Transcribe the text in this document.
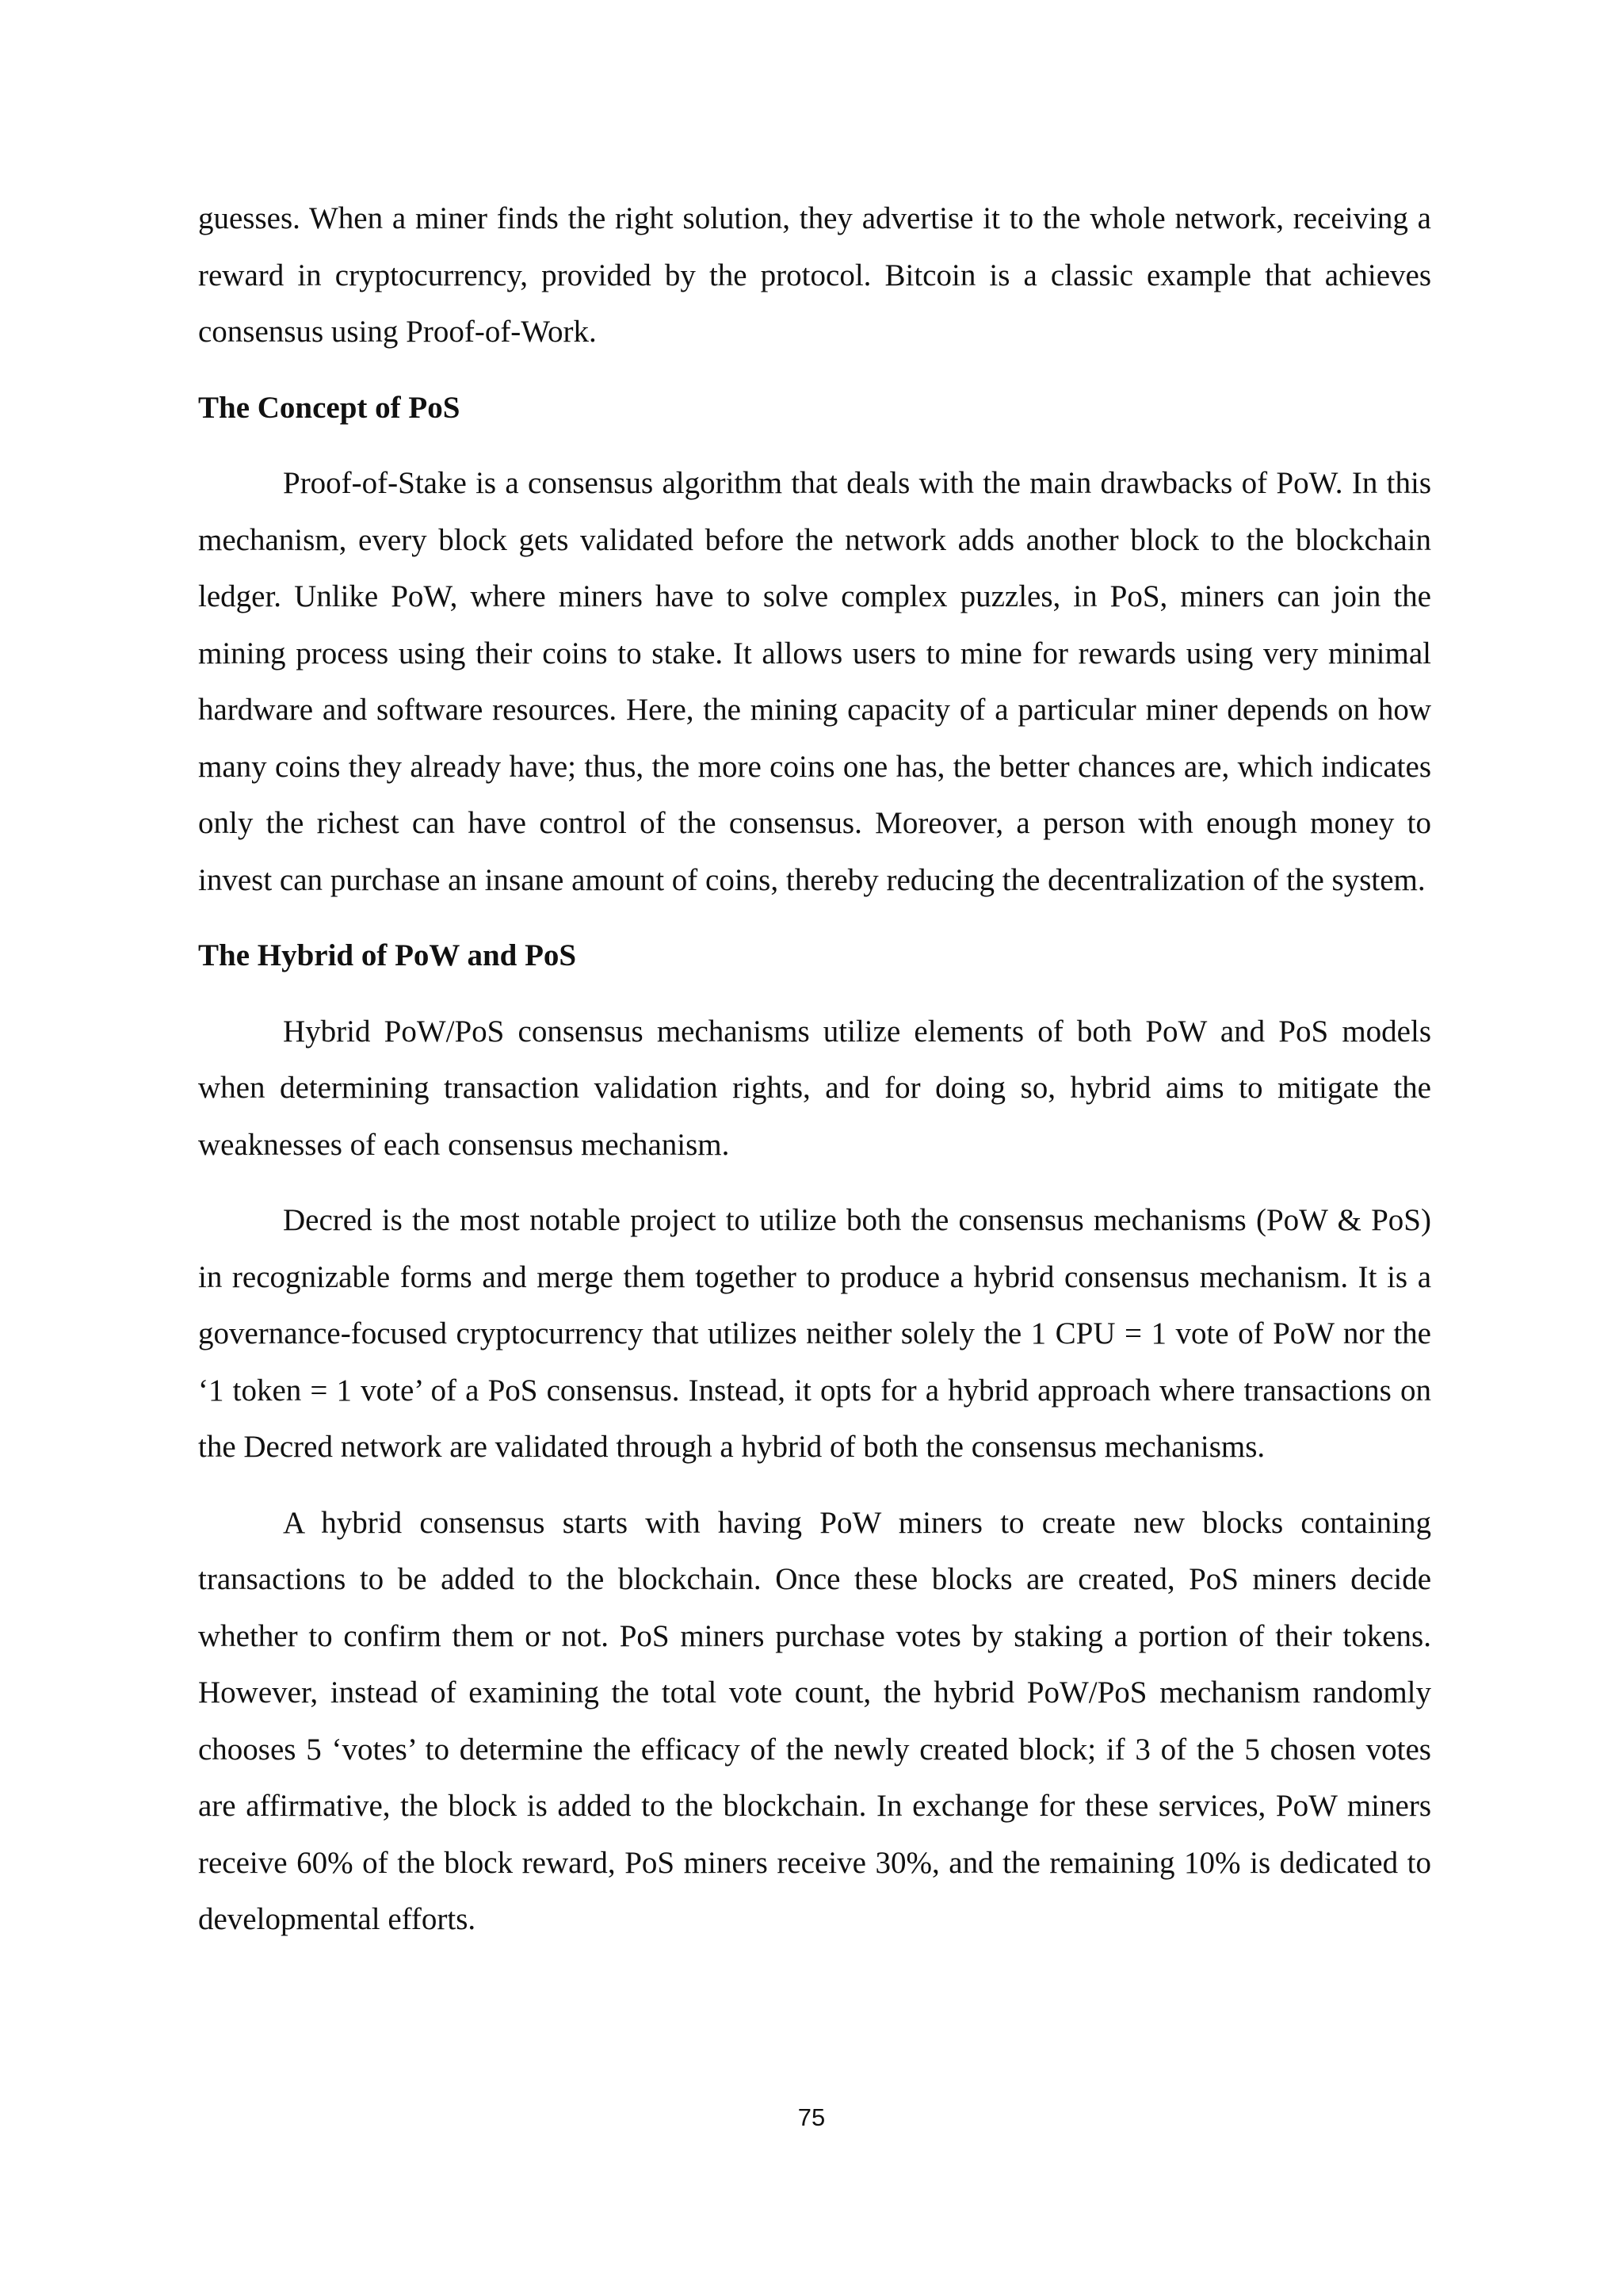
guesses. When a miner finds the right solution, they advertise it to the whole network, receiving a reward in cryptocurrency, provided by the protocol. Bitcoin is a classic example that achieves consensus using Proof-of-Work.

The Concept of PoS

Proof-of-Stake is a consensus algorithm that deals with the main drawbacks of PoW. In this mechanism, every block gets validated before the network adds another block to the blockchain ledger. Unlike PoW, where miners have to solve complex puzzles, in PoS, miners can join the mining process using their coins to stake. It allows users to mine for rewards using very minimal hardware and software resources. Here, the mining capacity of a particular miner depends on how many coins they already have; thus, the more coins one has, the better chances are, which indicates only the richest can have control of the consensus. Moreover, a person with enough money to invest can purchase an insane amount of coins, thereby reducing the decentralization of the system.

The Hybrid of PoW and PoS

Hybrid PoW/PoS consensus mechanisms utilize elements of both PoW and PoS models when determining transaction validation rights, and for doing so, hybrid aims to mitigate the weaknesses of each consensus mechanism.

Decred is the most notable project to utilize both the consensus mechanisms (PoW & PoS) in recognizable forms and merge them together to produce a hybrid consensus mechanism. It is a governance-focused cryptocurrency that utilizes neither solely the 1 CPU = 1 vote of PoW nor the ‘1 token = 1 vote’ of a PoS consensus. Instead, it opts for a hybrid approach where transactions on the Decred network are validated through a hybrid of both the consensus mechanisms.

A hybrid consensus starts with having PoW miners to create new blocks containing transactions to be added to the blockchain. Once these blocks are created, PoS miners decide whether to confirm them or not. PoS miners purchase votes by staking a portion of their tokens. However, instead of examining the total vote count, the hybrid PoW/PoS mechanism randomly chooses 5 ‘votes’ to determine the efficacy of the newly created block; if 3 of the 5 chosen votes are affirmative, the block is added to the blockchain. In exchange for these services, PoW miners receive 60% of the block reward, PoS miners receive 30%, and the remaining 10% is dedicated to developmental efforts.

75
